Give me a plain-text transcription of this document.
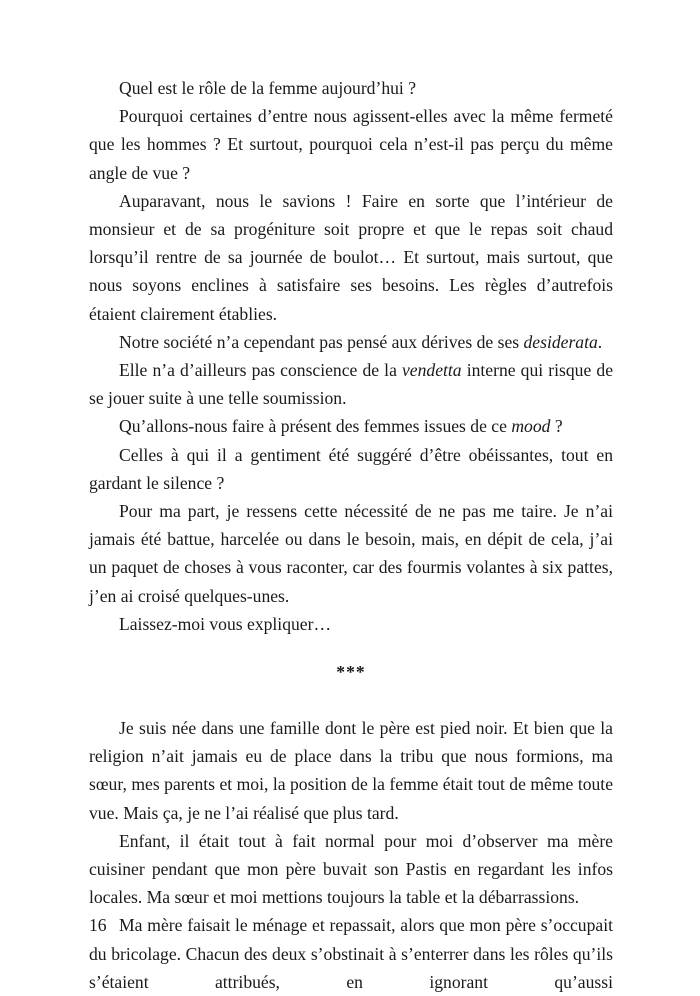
Quel est le rôle de la femme aujourd’hui ?

Pourquoi certaines d’entre nous agissent-elles avec la même fermeté que les hommes ? Et surtout, pourquoi cela n’est-il pas perçu du même angle de vue ?

Auparavant, nous le savions ! Faire en sorte que l’intérieur de monsieur et de sa progéniture soit propre et que le repas soit chaud lorsqu’il rentre de sa journée de boulot… Et surtout, mais surtout, que nous soyons enclines à satisfaire ses besoins. Les règles d’autrefois étaient clairement établies.

Notre société n’a cependant pas pensé aux dérives de ses desiderata.

Elle n’a d’ailleurs pas conscience de la vendetta interne qui risque de se jouer suite à une telle soumission.

Qu’allons-nous faire à présent des femmes issues de ce mood ?

Celles à qui il a gentiment été suggéré d’être obéissantes, tout en gardant le silence ?

Pour ma part, je ressens cette nécessité de ne pas me taire. Je n’ai jamais été battue, harcelée ou dans le besoin, mais, en dépit de cela, j’ai un paquet de choses à vous raconter, car des fourmis volantes à six pattes, j’en ai croisé quelques-unes.

Laissez-moi vous expliquer…

***

Je suis née dans une famille dont le père est pied noir. Et bien que la religion n’ait jamais eu de place dans la tribu que nous formions, ma sœur, mes parents et moi, la position de la femme était tout de même toute vue. Mais ça, je ne l’ai réalisé que plus tard.

Enfant, il était tout à fait normal pour moi d’observer ma mère cuisiner pendant que mon père buvait son Pastis en regardant les infos locales. Ma sœur et moi mettions toujours la table et la débarrassions.

Ma mère faisait le ménage et repassait, alors que mon père s’occupait du bricolage. Chacun des deux s’obstinait à s’enterrer dans les rôles qu’ils s’étaient attribués, en ignorant qu’aussi

16
